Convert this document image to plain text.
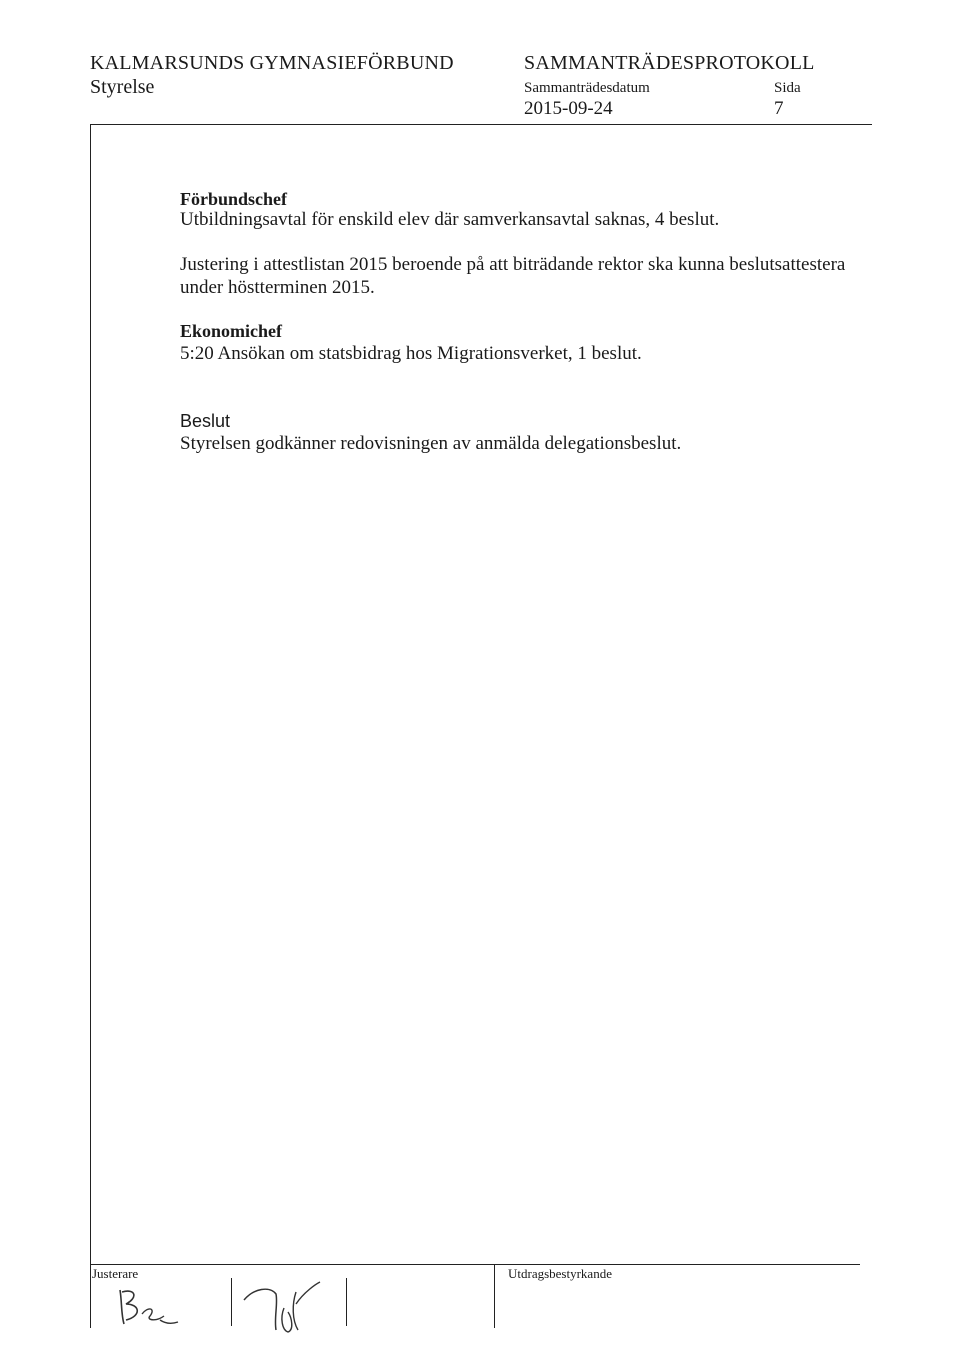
KALMARSUNDS GYMNASIEFÖRBUND
Styrelse
SAMMANTRÄDESPROTOKOLL
Sammanträdesdatum	Sida
2015-09-24	7
Förbundschef
Utbildningsavtal för enskild elev där samverkansavtal saknas, 4 beslut.
Justering i attestlistan 2015 beroende på att biträdande rektor ska kunna beslutsattestera under höstterminen 2015.
Ekonomichef
5:20 Ansökan om statsbidrag hos Migrationsverket, 1 beslut.
Beslut
Styrelsen godkänner redovisningen av anmälda delegationsbeslut.
Justerare	Utdragsbestyrkande
